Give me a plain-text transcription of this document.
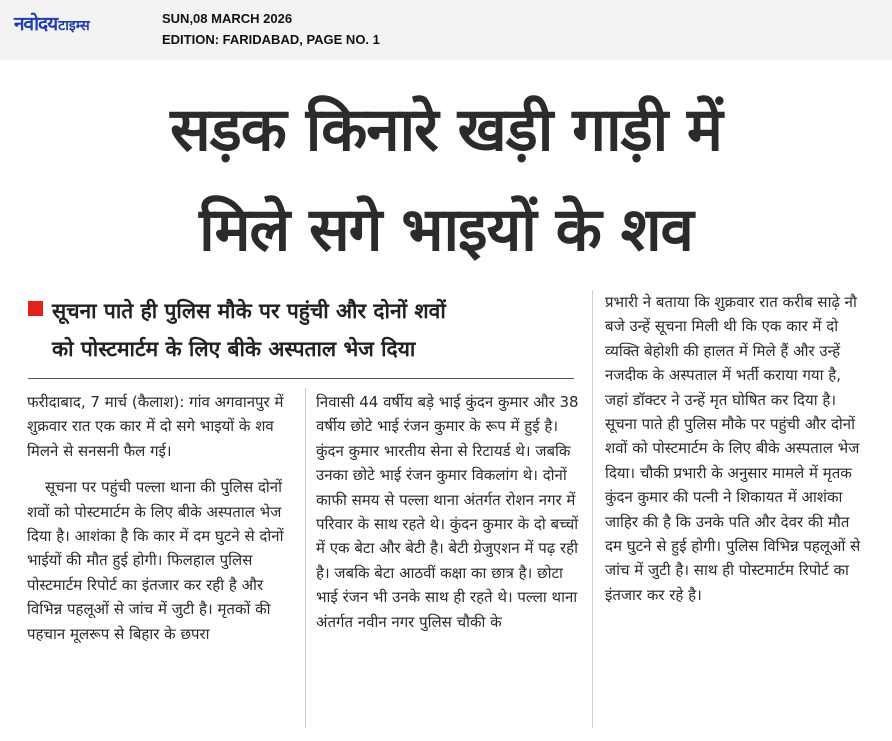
नवोदय टाइम्स	SUN,08 MARCH 2026
EDITION: FARIDABAD, PAGE NO. 1
सड़क किनारे खड़ी गाड़ी में
मिले सगे भाइयों के शव
सूचना पाते ही पुलिस मौके पर पहुंची और दोनों शवों
को पोस्टमार्टम के लिए बीके अस्पताल भेज दिया

फरीदाबाद, 7 मार्च (कैलाश): गांव अगवानपुर में शुक्रवार रात एक कार में दो सगे भाइयों के शव मिलने से सनसनी फैल गई।

सूचना पर पहुंची पल्ला थाना की पुलिस दोनों शवों को पोस्टमार्टम के लिए बीके अस्पताल भेज दिया है। आशंका है कि कार में दम घुटने से दोनों भाईयों की मौत हुई होगी। फिलहाल पुलिस पोस्टमार्टम रिपोर्ट का इंतजार कर रही है और विभिन्न पहलूओं से जांच में जुटी है। मृतकों की पहचान मूलरूप से बिहार के छपरा

निवासी 44 वर्षीय बड़े भाई कुंदन कुमार और 38 वर्षीय छोटे भाई रंजन कुमार के रूप में हुई है। कुंदन कुमार भारतीय सेना से रिटायर्ड थे। जबकि उनका छोटे भाई रंजन कुमार विकलांग थे। दोनों काफी समय से पल्ला थाना अंतर्गत रोशन नगर में परिवार के साथ रहते थे। कुंदन कुमार के दो बच्चों में एक बेटा और बेटी है। बेटी ग्रेजुएशन में पढ़ रही है। जबकि बेटा आठवीं कक्षा का छात्र है। छोटा भाई रंजन भी उनके साथ ही रहते थे। पल्ला थाना अंतर्गत नवीन नगर पुलिस चौकी के

प्रभारी ने बताया कि शुक्रवार रात करीब साढ़े नौ बजे उन्हें सूचना मिली थी कि एक कार में दो व्यक्ति बेहोशी की हालत में मिले हैं और उन्हें नजदीक के अस्पताल में भर्ती कराया गया है, जहां डॉक्टर ने उन्हें मृत घोषित कर दिया है। सूचना पाते ही पुलिस मौके पर पहुंची और दोनों शवों को पोस्टमार्टम के लिए बीके अस्पताल भेज दिया। चौकी प्रभारी के अनुसार मामले में मृतक कुंदन कुमार की पत्नी ने शिकायत में आशंका जाहिर की है कि उनके पति और देवर की मौत दम घुटने से हुई होगी। पुलिस विभिन्न पहलूओं से जांच में जुटी है। साथ ही पोस्टमार्टम रिपोर्ट का इंतजार कर रहे है।
